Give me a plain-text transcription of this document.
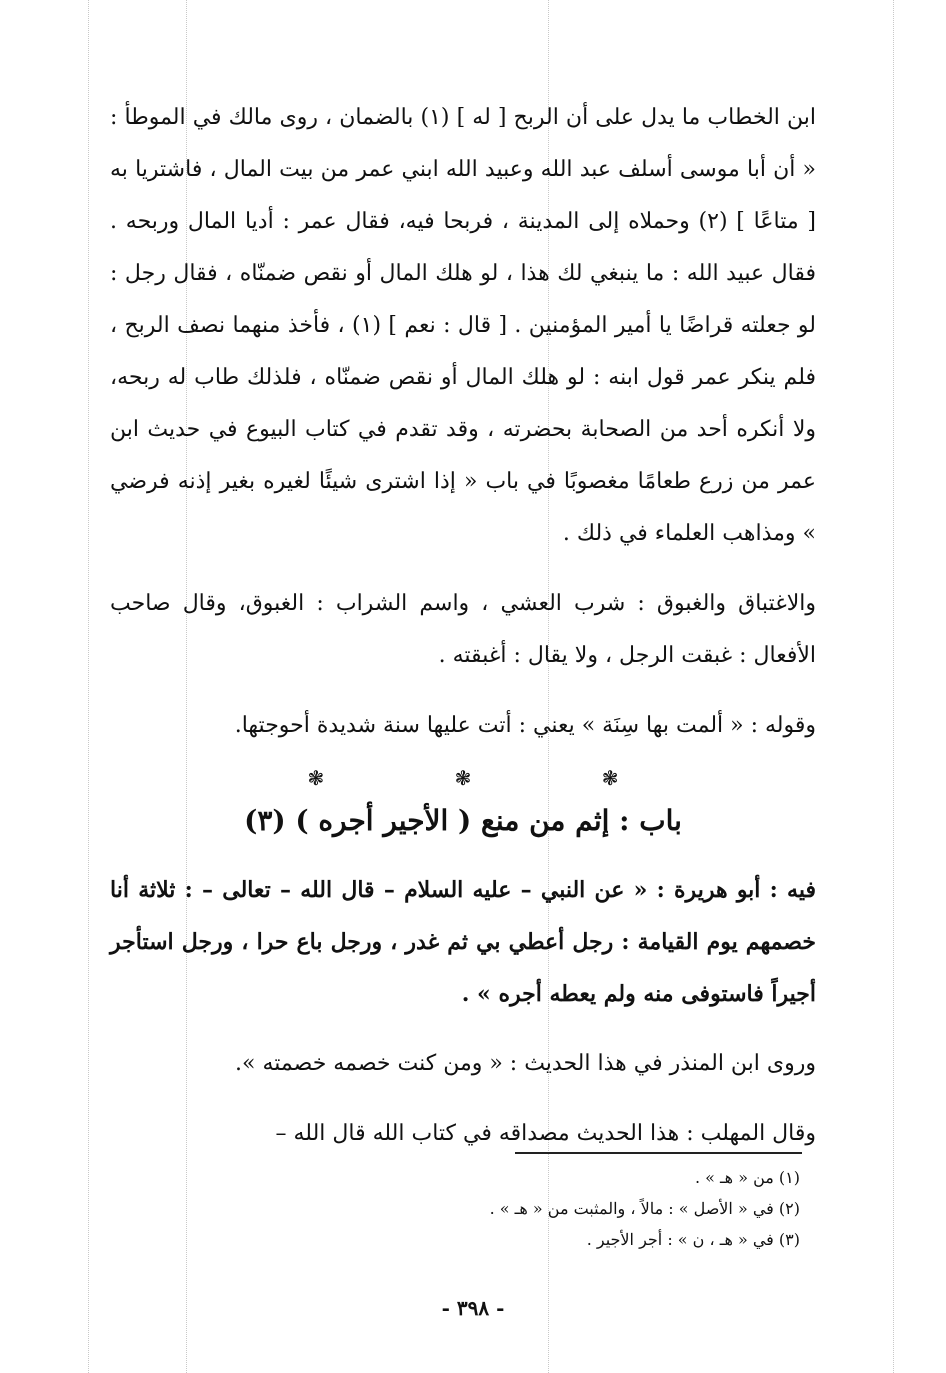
ابن الخطاب ما يدل على أن الربح [ له ] (١) بالضمان ، روى مالك في الموطأ : « أن أبا موسى أسلف عبد الله وعبيد الله ابني عمر من بيت المال ، فاشتريا به [ متاعًا ] (٢) وحملاه إلى المدينة ، فربحا فيه، فقال عمر : أديا المال وربحه . فقال عبيد الله : ما ينبغي لك هذا ، لو هلك المال أو نقص ضمنّاه ، فقال رجل : لو جعلته قراضًا يا أمير المؤمنين . [ قال : نعم ] (١) ، فأخذ منهما نصف الربح ، فلم ينكر عمر قول ابنه : لو هلك المال أو نقص ضمنّاه ، فلذلك طاب له ربحه، ولا أنكره أحد من الصحابة بحضرته ، وقد تقدم في كتاب البيوع في حديث ابن عمر من زرع طعامًا مغصوبًا في باب « إذا اشترى شيئًا لغيره بغير إذنه فرضي » ومذاهب العلماء في ذلك .

والاغتباق والغبوق : شرب العشي ، واسم الشراب : الغبوق، وقال صاحب الأفعال : غبقت الرجل ، ولا يقال : أغبقته .

وقوله : « ألمت بها سِنَة » يعني : أتت عليها سنة شديدة أحوجتها.

❃ ❃ ❃
باب : إثم من منع ( الأجير أجره ) (٣)

فيه : أبو هريرة : « عن النبي – عليه السلام – قال الله – تعالى – : ثلاثة أنا خصمهم يوم القيامة : رجل أعطي بي ثم غدر ، ورجل باع حرا ، ورجل استأجر أجيراً فاستوفى منه ولم يعطه أجره » .

وروى ابن المنذر في هذا الحديث : « ومن كنت خصمه خصمته ».

وقال المهلب : هذا الحديث مصداقه في كتاب الله قال الله –

(١) من « هـ » .

(٢) في « الأصل » : مالاً ، والمثبت من « هـ » .

(٣) في « هـ ، ن » : أجر الأجير .

- ٣٩٨ -
